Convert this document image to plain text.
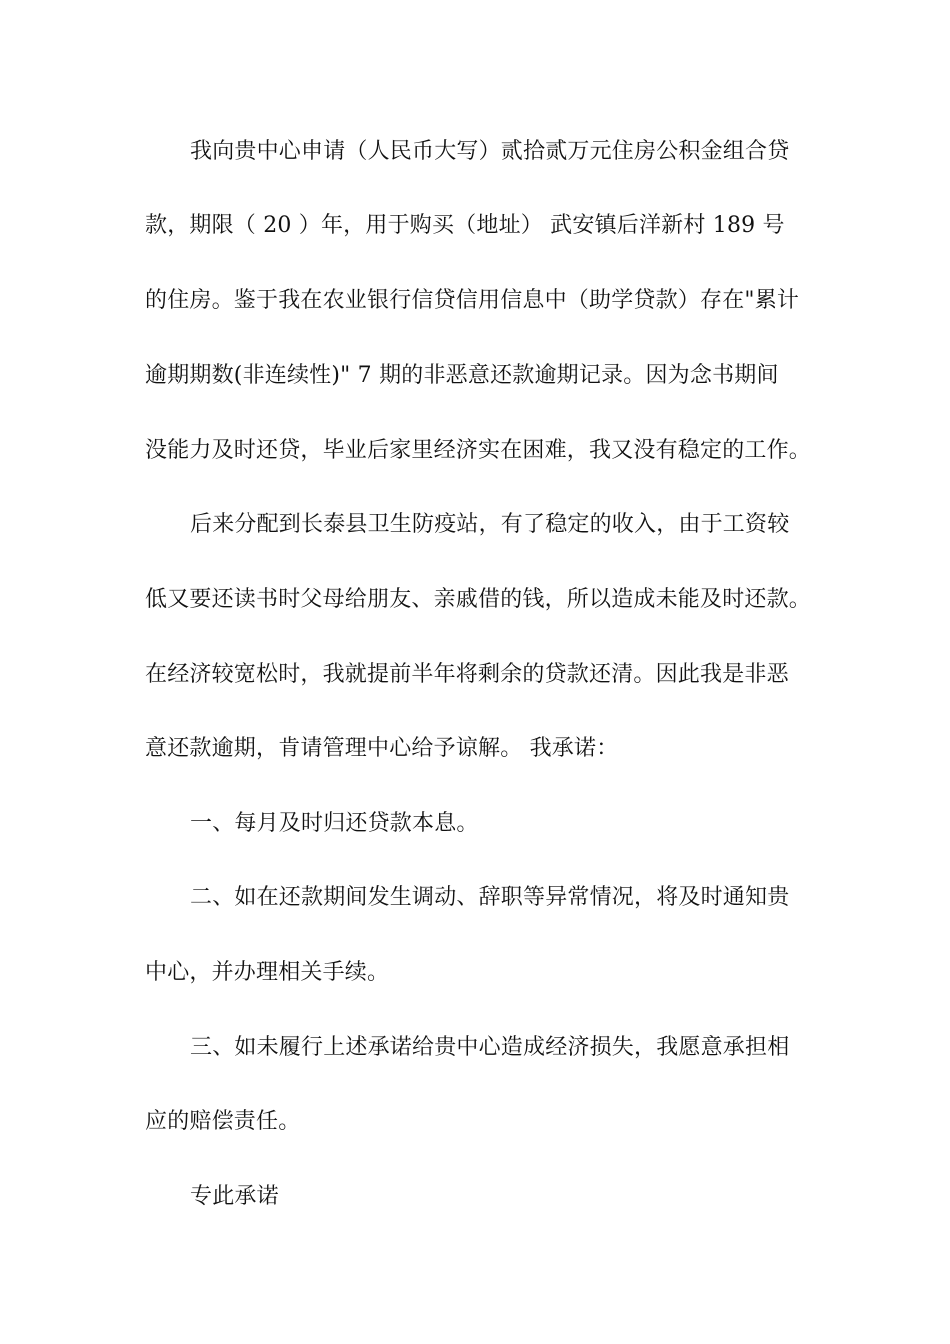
我向贵中心申请（人民币大写）贰拾贰万元住房公积金组合贷
款，期限（ 20 ）年，用于购买（地址） 武安镇后洋新村 189 号
的住房。鉴于我在农业银行信贷信用信息中（助学贷款）存在"累计
逾期期数(非连续性)" 7 期的非恶意还款逾期记录。因为念书期间
没能力及时还贷，毕业后家里经济实在困难，我又没有稳定的工作。
后来分配到长泰县卫生防疫站，有了稳定的收入，由于工资较
低又要还读书时父母给朋友、亲戚借的钱，所以造成未能及时还款。
在经济较宽松时，我就提前半年将剩余的贷款还清。因此我是非恶
意还款逾期，肯请管理中心给予谅解。 我承诺：
一、每月及时归还贷款本息。
二、如在还款期间发生调动、辞职等异常情况，将及时通知贵
中心，并办理相关手续。
三、如未履行上述承诺给贵中心造成经济损失，我愿意承担相
应的赔偿责任。
专此承诺
